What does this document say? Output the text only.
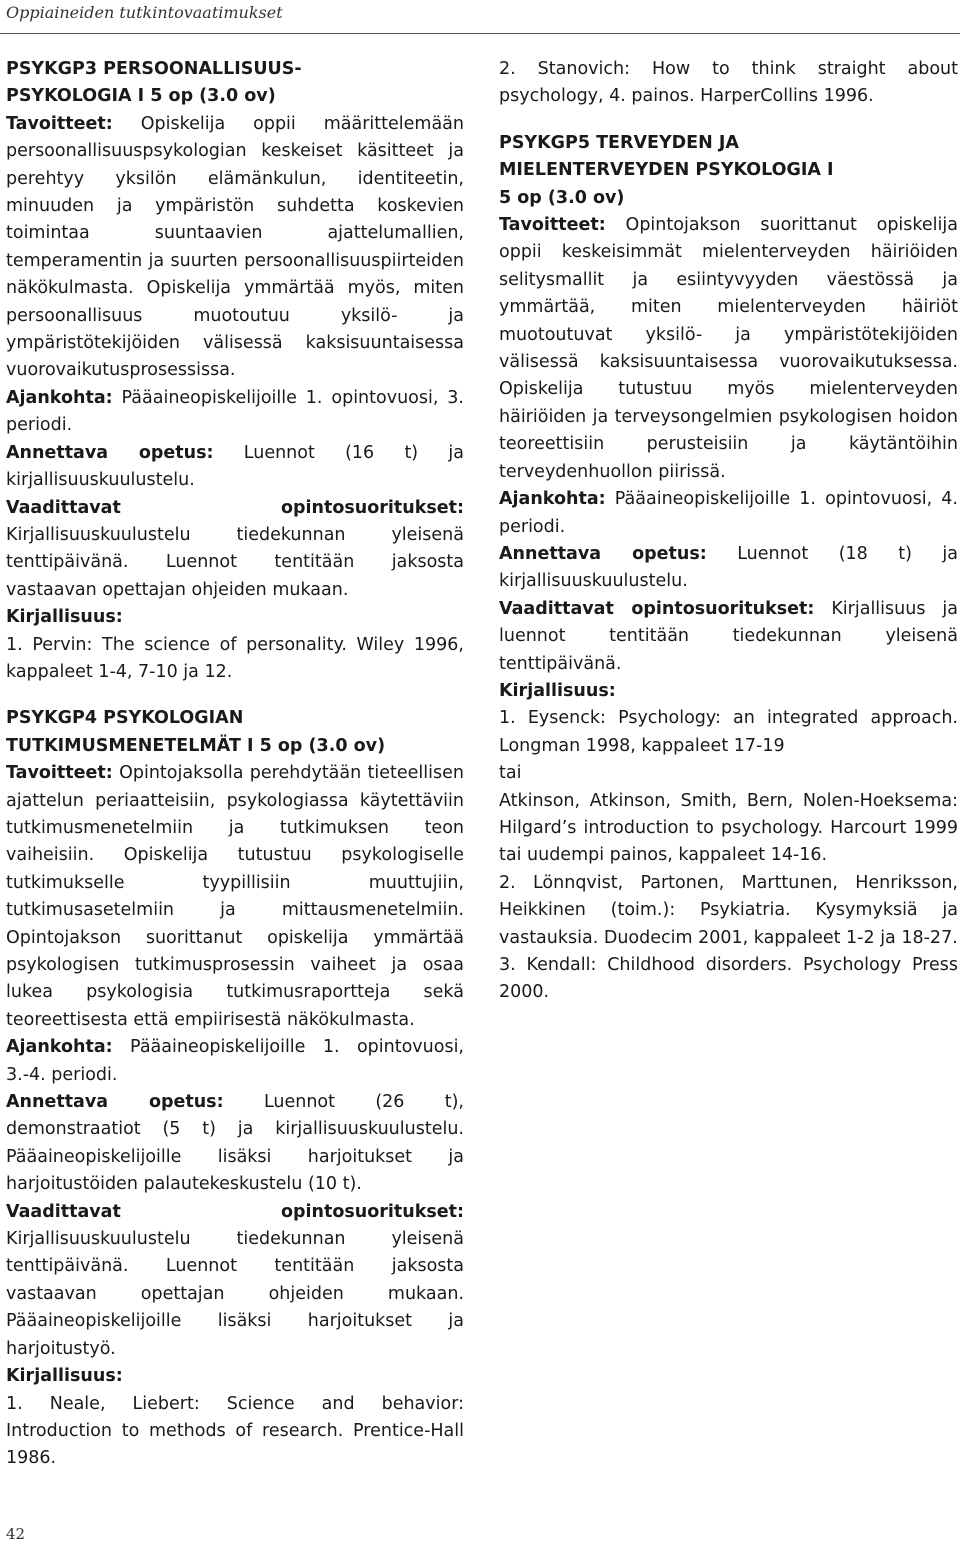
Oppiaineiden tutkintovaatimukset
PSYKGP3 PERSOONALLISUUS-
PSYKOLOGIA I 5 op (3.0 ov)

Tavoitteet: Opiskelija oppii määrittelemään persoonallisuuspsykologian keskeiset käsitteet ja perehtyy yksilön elämänkulun, identiteetin, minuuden ja ympäristön suhdetta koskevien toimintaa suuntaavien ajattelumallien, temperamentin ja suurten persoonallisuuspiirteiden näkökulmasta. Opiskelija ymmärtää myös, miten persoonallisuus muotoutuu yksilö- ja ympäristötekijöiden välisessä kaksisuuntaisessa vuorovaikutusprosessissa.

Ajankohta: Pääaineopiskelijoille 1. opintovuosi, 3. periodi.

Annettava opetus: Luennot (16 t) ja kirjallisuuskuulustelu.

Vaadittavat opintosuoritukset: Kirjallisuuskuulustelu tiedekunnan yleisenä tenttipäivänä. Luennot tentitään jaksosta vastaavan opettajan ohjeiden mukaan.

Kirjallisuus:

1. Pervin: The science of personality. Wiley 1996, kappaleet 1-4, 7-10 ja 12.

PSYKGP4 PSYKOLOGIAN
TUTKIMUSMENETELMÄT I 5 op (3.0 ov)

Tavoitteet: Opintojaksolla perehdytään tieteellisen ajattelun periaatteisiin, psykologiassa käytettäviin tutkimusmenetelmiin ja tutkimuksen teon vaiheisiin. Opiskelija tutustuu psykologiselle tutkimukselle tyypillisiin muuttujiin, tutkimusasetelmiin ja mittausmenetelmiin. Opintojakson suorittanut opiskelija ymmärtää psykologisen tutkimusprosessin vaiheet ja osaa lukea psykologisia tutkimusraportteja sekä teoreettisesta että empiirisestä näkökulmasta.

Ajankohta: Pääaineopiskelijoille 1. opintovuosi, 3.-4. periodi.

Annettava opetus: Luennot (26 t), demonstraatiot (5 t) ja kirjallisuuskuulustelu. Pääaineopiskelijoille lisäksi harjoitukset ja harjoitustöiden palautekeskustelu (10 t).

Vaadittavat opintosuoritukset: Kirjallisuuskuulustelu tiedekunnan yleisenä tenttipäivänä. Luennot tentitään jaksosta vastaavan opettajan ohjeiden mukaan. Pääaineopiskelijoille lisäksi harjoitukset ja harjoitustyö.

Kirjallisuus:

1. Neale, Liebert: Science and behavior: Introduction to methods of research. Prentice-Hall 1986.

2. Stanovich: How to think straight about psychology, 4. painos. HarperCollins 1996.

PSYKGP5 TERVEYDEN JA
MIELENTERVEYDEN PSYKOLOGIA I
5 op (3.0 ov)

Tavoitteet: Opintojakson suorittanut opiskelija oppii keskeisimmät mielenterveyden häiriöiden selitysmallit ja esiintyvyyden väestössä ja ymmärtää, miten mielenterveyden häiriöt muotoutuvat yksilö- ja ympäristötekijöiden välisessä kaksisuuntaisessa vuorovaikutuksessa. Opiskelija tutustuu myös mielenterveyden häiriöiden ja terveysongelmien psykologisen hoidon teoreettisiin perusteisiin ja käytäntöihin terveydenhuollon piirissä.

Ajankohta: Pääaineopiskelijoille 1. opintovuosi, 4. periodi.

Annettava opetus: Luennot (18 t) ja kirjallisuuskuulustelu.

Vaadittavat opintosuoritukset: Kirjallisuus ja luennot tentitään tiedekunnan yleisenä tenttipäivänä.

Kirjallisuus:

1. Eysenck: Psychology: an integrated approach. Longman 1998, kappaleet 17-19

tai

Atkinson, Atkinson, Smith, Bern, Nolen-Hoeksema: Hilgard’s introduction to psychology. Harcourt 1999 tai uudempi painos, kappaleet 14-16.

2. Lönnqvist, Partonen, Marttunen, Henriksson, Heikkinen (toim.): Psykiatria. Kysymyksiä ja vastauksia. Duodecim 2001, kappaleet 1-2 ja 18-27.

3. Kendall: Childhood disorders. Psychology Press 2000.

42
